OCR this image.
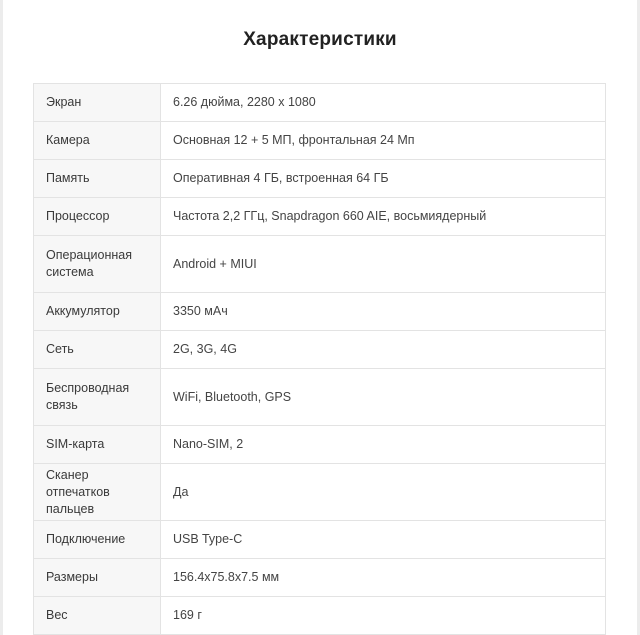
Характеристики
Экран	6.26 дюйма, 2280 x 1080
Камера	Основная 12 + 5 МП, фронтальная 24 Мп
Память	Оперативная 4 ГБ, встроенная 64 ГБ
Процессор	Частота 2,2 ГГц, Snapdragon 660 AIE, восьмиядерный
Операционная система	Android + MIUI
Аккумулятор	3350 мАч
Сеть	2G, 3G, 4G
Беспроводная связь	WiFi, Bluetooth, GPS
SIM-карта	Nano-SIM, 2
Сканер отпечатков пальцев	Да
Подключение	USB Type-C
Размеры	156.4x75.8x7.5 мм
Вес	169 г
